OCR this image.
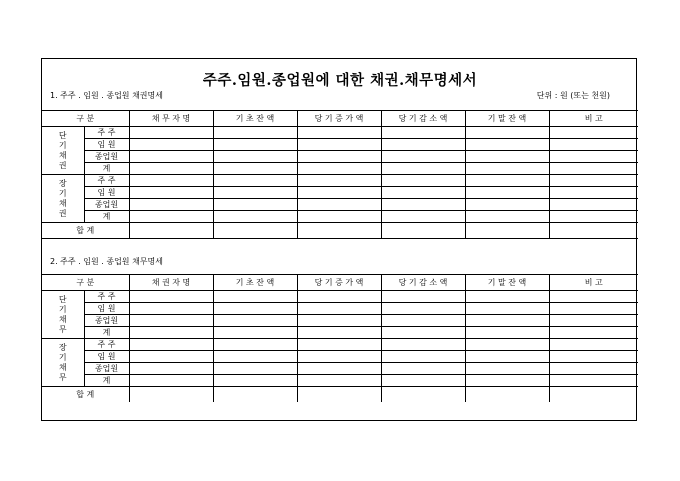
주주.임원.종업원에 대한 채권.채무명세서
1. 주주 . 임원 . 종업원 채권명세	단위 : 원 (또는 천원)
구 분		채 무 자 명	기 초 잔 액	당 기 증 가 액	당 기 감 소 액	기 말 잔 액	비 고

단
기
채
권	주 주						
	임 원						
	종업원						
	계						

장
기
채
권	주 주						
	임 원						
	종업원						
	계						
합 계							
2. 주주 . 임원 . 종업원 채무명세
구 분		채 권 자 명	기 초 잔 액	당 기 증 가 액	당 기 감 소 액	기 말 잔 액	비 고

단
기
채
무	주 주						
	임 원						
	종업원						
	계						

장
기
채
무	주 주						
	임 원						
	종업원						
	계						
합 계							
